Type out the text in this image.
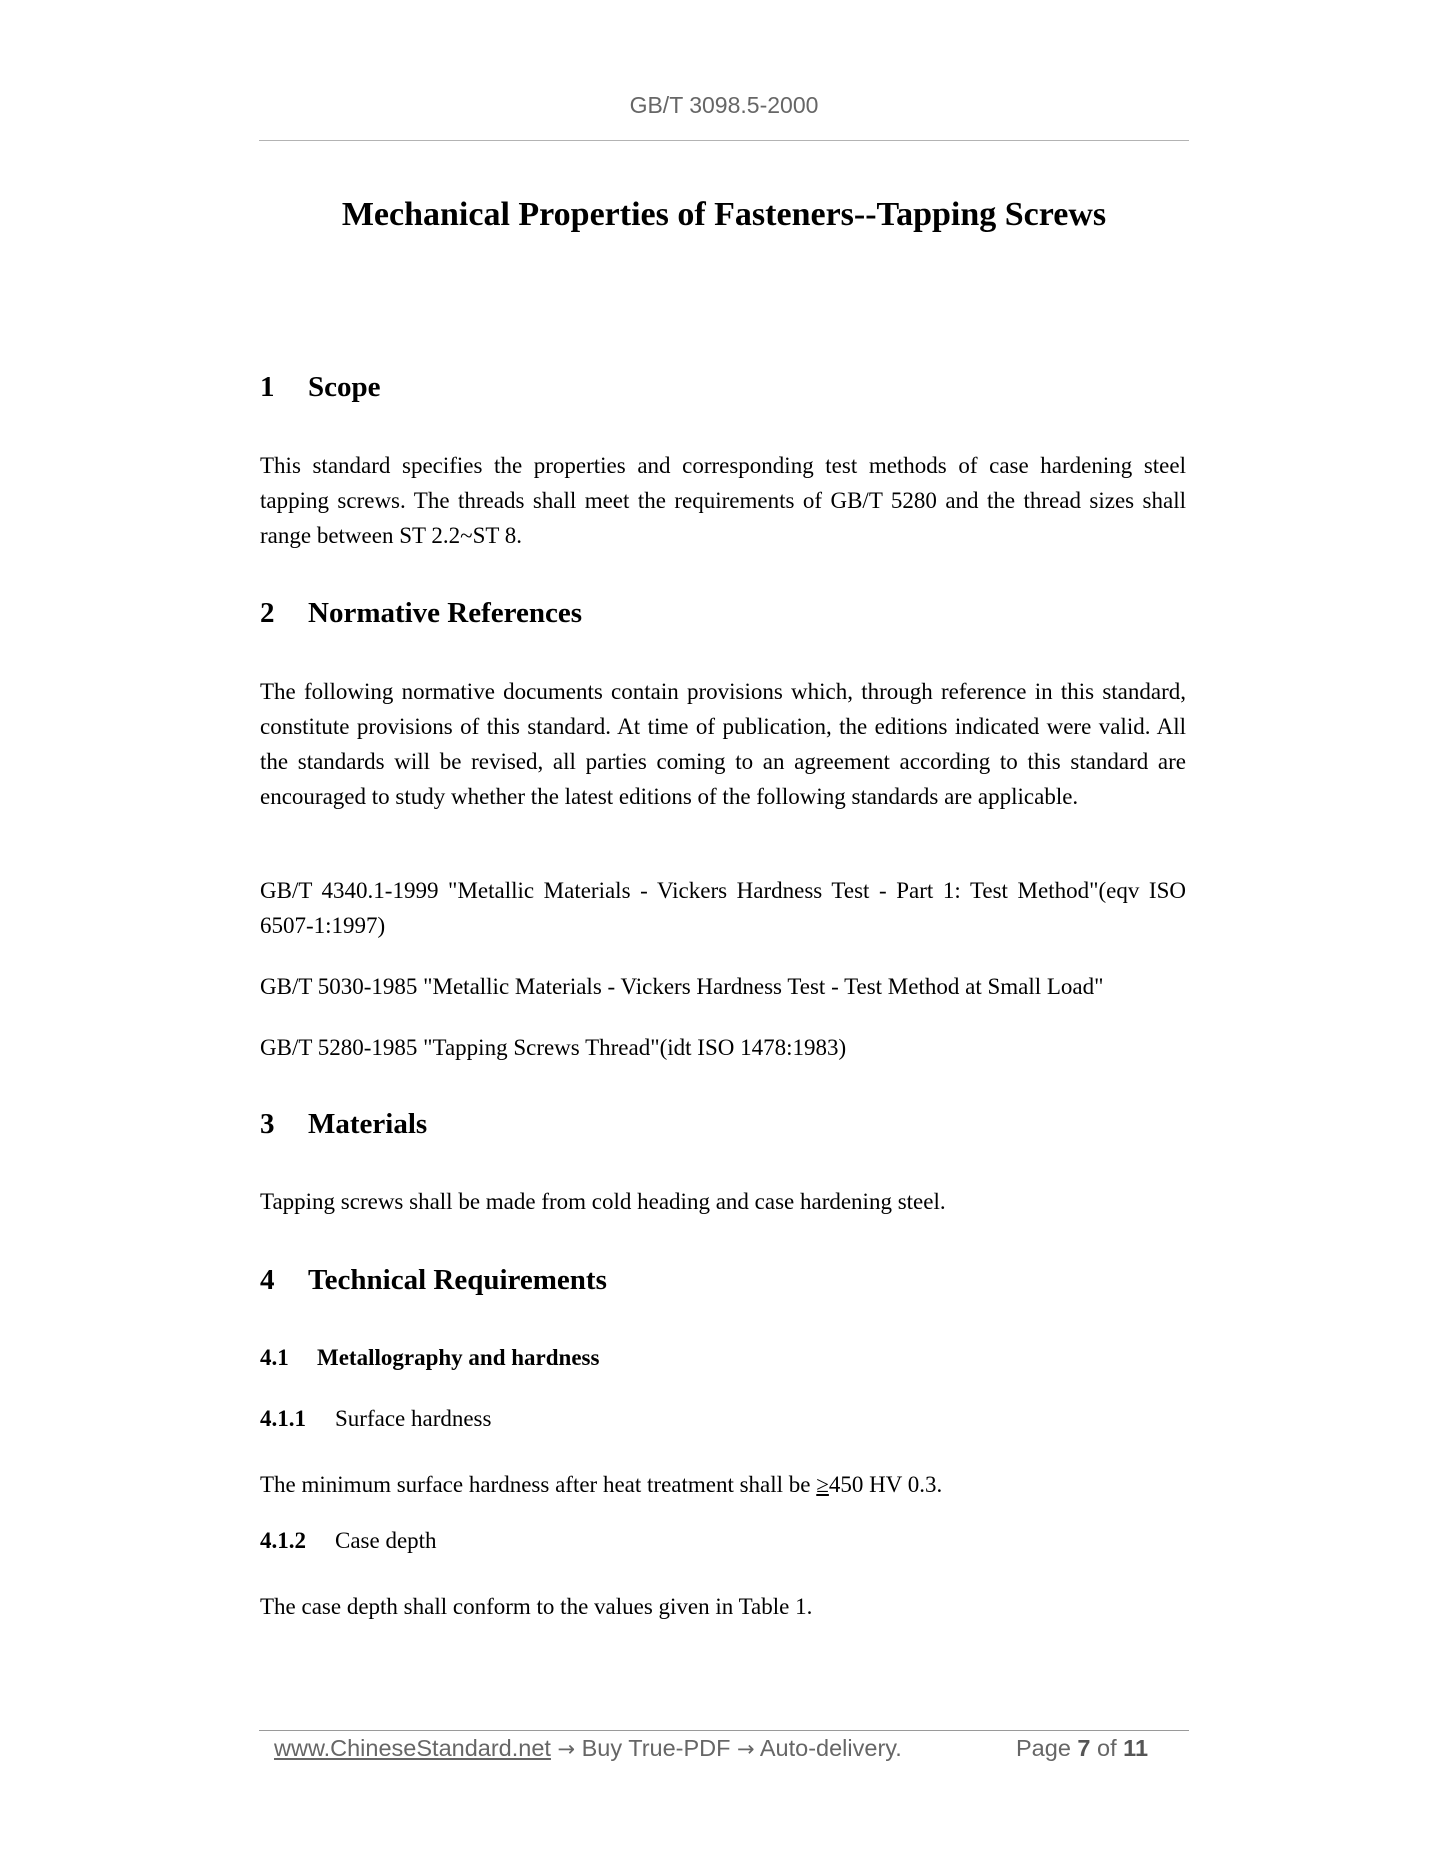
GB/T 3098.5-2000
Mechanical Properties of Fasteners--Tapping Screws
1 Scope
This standard specifies the properties and corresponding test methods of case hardening steel tapping screws. The threads shall meet the requirements of GB/T 5280 and the thread sizes shall range between ST 2.2~ST 8.
2 Normative References
The following normative documents contain provisions which, through reference in this standard, constitute provisions of this standard. At time of publication, the editions indicated were valid. All the standards will be revised, all parties coming to an agreement according to this standard are encouraged to study whether the latest editions of the following standards are applicable.
GB/T 4340.1-1999 "Metallic Materials - Vickers Hardness Test - Part 1: Test Method"(eqv ISO 6507-1:1997)
GB/T 5030-1985 "Metallic Materials - Vickers Hardness Test - Test Method at Small Load"
GB/T 5280-1985 "Tapping Screws Thread"(idt ISO 1478:1983)
3 Materials
Tapping screws shall be made from cold heading and case hardening steel.
4 Technical Requirements
4.1 Metallography and hardness
4.1.1 Surface hardness
The minimum surface hardness after heat treatment shall be ≥450 HV 0.3.
4.1.2 Case depth
The case depth shall conform to the values given in Table 1.
www.ChineseStandard.net → Buy True-PDF → Auto-delivery.	Page 7 of 11
